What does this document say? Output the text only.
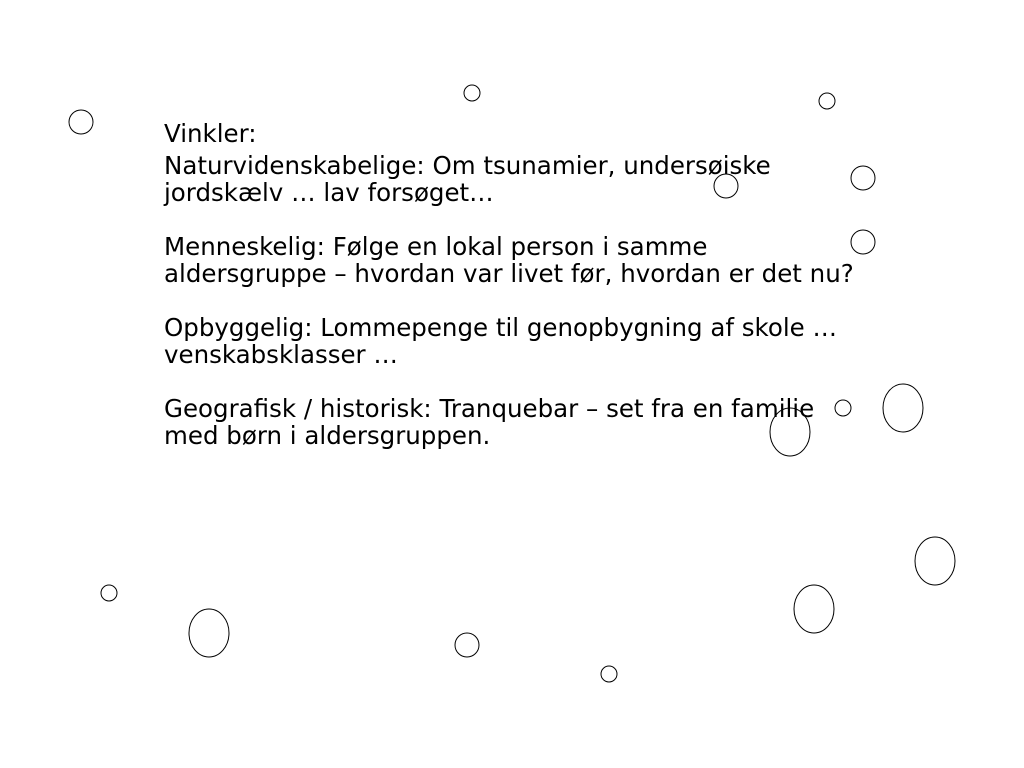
Vinkler:

Naturvidenskabelige: Om tsunamier, undersøiske jordskælv … lav forsøget…

Menneskelig: Følge en lokal person i samme aldersgruppe – hvordan var livet før, hvordan er det nu?

Opbyggelig: Lommepenge til genopbygning af skole … venskabsklasser …

Geografisk / historisk: Tranquebar – set fra en familie med børn i aldersgruppen.
